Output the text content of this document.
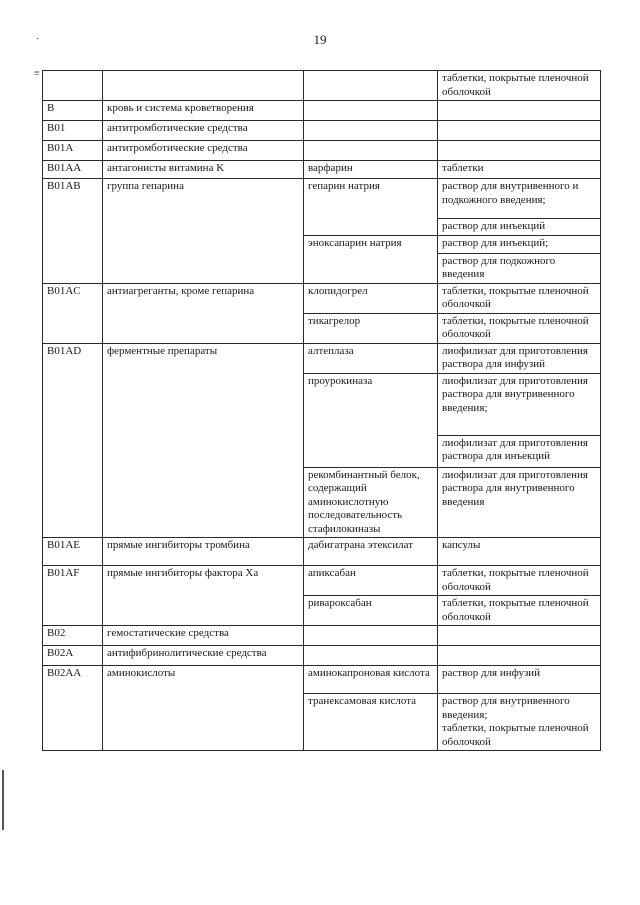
19
·
≡
				таблетки, покрытые пленочной оболочкой
B	кровь и система кроветворения		
B01	антитромботические средства		
B01A	антитромботические средства		
B01AA	антагонисты витамина K	варфарин	таблетки
B01AB	группа гепарина	гепарин натрия	раствор для внутривенного и подкожного введения;
			раствор для инъекций
		эноксапарин натрия	раствор для инъекций;
			раствор для подкожного введения
B01AC	антиагреганты, кроме гепарина	клопидогрел	таблетки, покрытые пленочной оболочкой
		тикагрелор	таблетки, покрытые пленочной оболочкой
B01AD	ферментные препараты	алтеплаза	лиофилизат для приготовления раствора для инфузий
		проурокиназа	лиофилизат для приготовления раствора для внутривенного введения;
			лиофилизат для приготовления раствора для инъекций
		рекомбинантный белок, содержащий аминокислотную последовательность стафилокиназы	лиофилизат для приготовления раствора для внутривенного введения
B01AE	прямые ингибиторы тромбина	дабигатрана этексилат	капсулы
B01AF	прямые ингибиторы фактора Xa	апиксабан	таблетки, покрытые пленочной оболочкой
		ривароксабан	таблетки, покрытые пленочной оболочкой
B02	гемостатические средства		
B02A	антифибринолитические средства		
B02AA	аминокислоты	аминокапроновая кислота	раствор для инфузий
		транексамовая кислота	раствор для внутривенного введения;
таблетки, покрытые пленочной оболочкой
